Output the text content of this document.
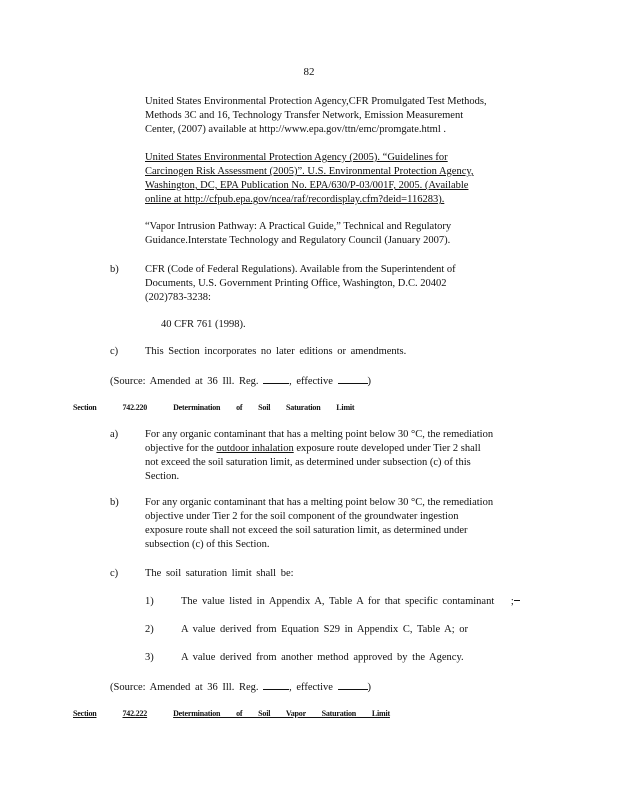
82
United States Environmental Protection Agency,CFR Promulgated Test Methods,
Methods 3C and 16, Technology Transfer Network, Emission Measurement
Center, (2007) available at http://www.epa.gov/ttn/emc/promgate.html .
United States Environmental Protection Agency (2005). “Guidelines for
Carcinogen Risk Assessment (2005)”. U.S. Environmental Protection Agency,
Washington, DC, EPA Publication No. EPA/630/P-03/001F, 2005. (Available
online at http://cfpub.epa.gov/ncea/raf/recordisplay.cfm?deid=116283).
“Vapor Intrusion Pathway: A Practical Guide,” Technical and Regulatory
Guidance.Interstate Technology and Regulatory Council (January 2007).
b)	CFR (Code of Federal Regulations). Available from the Superintendent of
Documents, U.S. Government Printing Office, Washington, D.C. 20402
(202)783-3238:
40 CFR 761 (1998).
c)	This Section incorporates no later editions or amendments.
(Source: Amended at 36 Ill. Reg.	, effective	)
Section	742.220	Determination of Soil Saturation Limit
a)	For any organic contaminant that has a melting point below 30 °C, the remediation
objective for the outdoor inhalation exposure route developed under Tier 2 shall
not exceed the soil saturation limit, as determined under subsection (c) of this
Section.
b)	For any organic contaminant that has a melting point below 30 °C, the remediation
objective under Tier 2 for the soil component of the groundwater ingestion
exposure route shall not exceed the soil saturation limit, as determined under
subsection (c) of this Section.
c)	The soil saturation limit shall be:
1)	The value listed in Appendix A, Table A for that specific contaminant ;
2)	A value derived from Equation S29 in Appendix C, Table A; or
3)	A value derived from another method approved by the Agency.
(Source: Amended at 36 Ill. Reg.	, effective	)
Section	742.222	Determination of Soil Vapor Saturation Limit
